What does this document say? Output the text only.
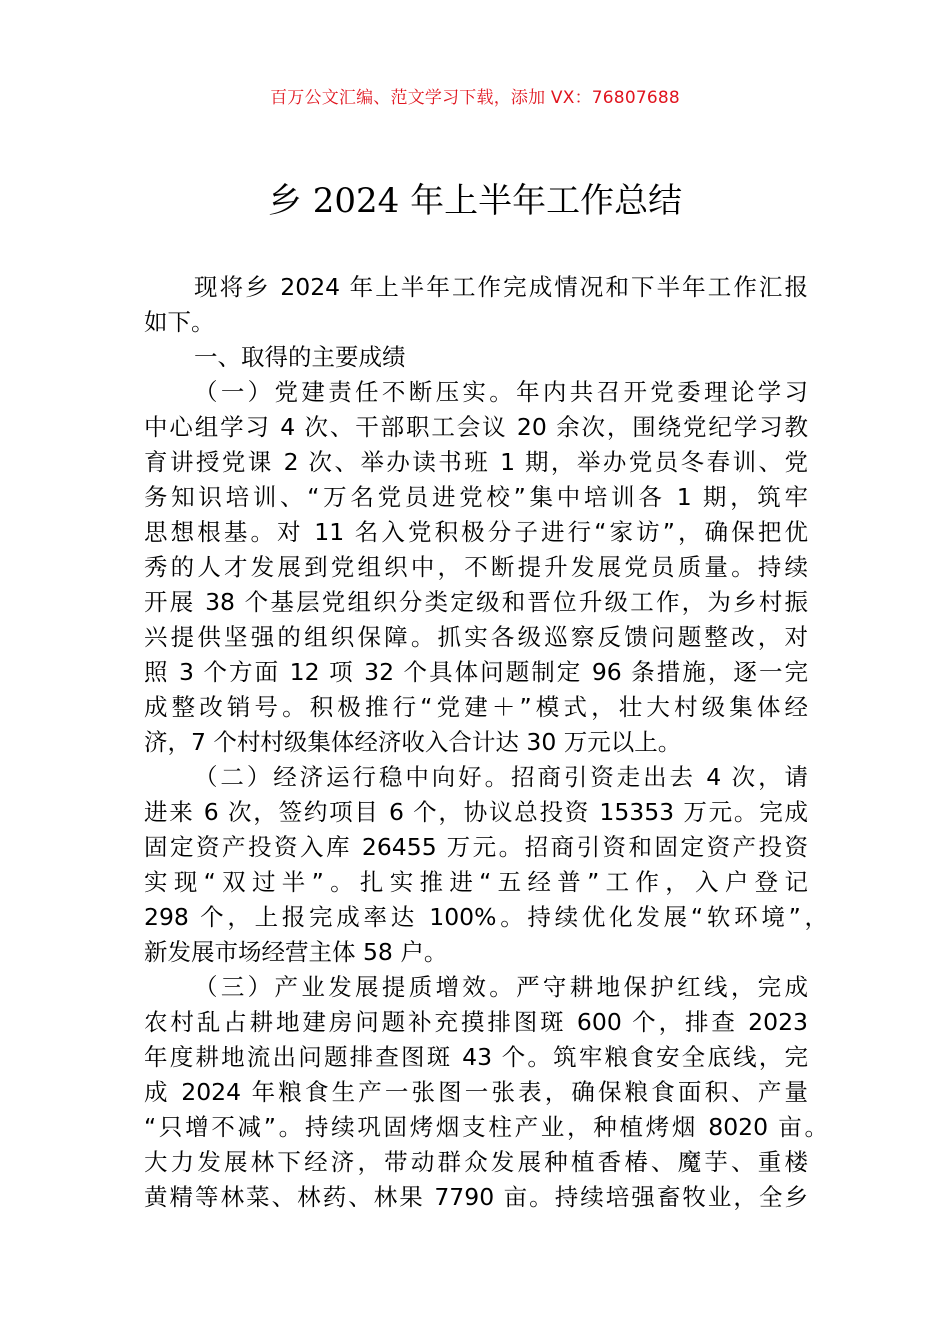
百万公文汇编、范文学习下载，添加 VX：76807688
乡 2024 年上半年工作总结
现将乡 2024 年上半年工作完成情况和下半年工作汇报
如下。
一、取得的主要成绩
（一）党建责任不断压实。年内共召开党委理论学习
中心组学习 4 次、干部职工会议 20 余次，围绕党纪学习教
育讲授党课 2 次、举办读书班 1 期，举办党员冬春训、党
务知识培训、“万名党员进党校”集中培训各 1 期，筑牢
思想根基。对 11 名入党积极分子进行“家访”，确保把优
秀的人才发展到党组织中，不断提升发展党员质量。持续
开展 38 个基层党组织分类定级和晋位升级工作，为乡村振
兴提供坚强的组织保障。抓实各级巡察反馈问题整改，对
照 3 个方面 12 项 32 个具体问题制定 96 条措施，逐一完
成整改销号。积极推行“党建＋”模式，壮大村级集体经
济，7 个村村级集体经济收入合计达 30 万元以上。
（二）经济运行稳中向好。招商引资走出去 4 次，请
进来 6 次，签约项目 6 个，协议总投资 15353 万元。完成
固定资产投资入库 26455 万元。招商引资和固定资产投资
实现“双过半”。扎实推进“五经普”工作，入户登记
298 个，上报完成率达 100%。持续优化发展“软环境”，
新发展市场经营主体 58 户。
（三）产业发展提质增效。严守耕地保护红线，完成
农村乱占耕地建房问题补充摸排图斑 600 个，排查 2023
年度耕地流出问题排查图斑 43 个。筑牢粮食安全底线，完
成 2024 年粮食生产一张图一张表，确保粮食面积、产量
“只增不减”。持续巩固烤烟支柱产业，种植烤烟 8020 亩。
大力发展林下经济，带动群众发展种植香椿、魔芋、重楼
黄精等林菜、林药、林果 7790 亩。持续培强畜牧业，全乡
